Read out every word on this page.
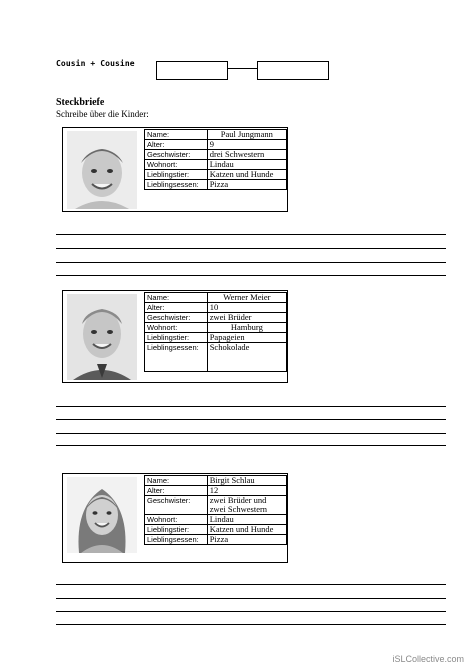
Cousin + Cousine
Steckbriefe
Schreibe über die Kinder:
Name:	Paul Jungmann
Alter:	9
Geschwister:	drei Schwestern
Wohnort:	Lindau
Lieblingstier:	Katzen und Hunde
Lieblingsessen:	Pizza
Name:	Werner Meier
Alter:	10
Geschwister:	zwei Brüder
Wohnort:	Hamburg
Lieblingstier:	Papageien
Lieblingsessen:	Schokolade
Name:	Birgit Schlau
Alter:	12
Geschwister:	zwei Brüder und zwei Schwestern
Wohnort:	Lindau
Lieblingstier:	Katzen und Hunde
Lieblingsessen:	Pizza
iSLCollective.com
